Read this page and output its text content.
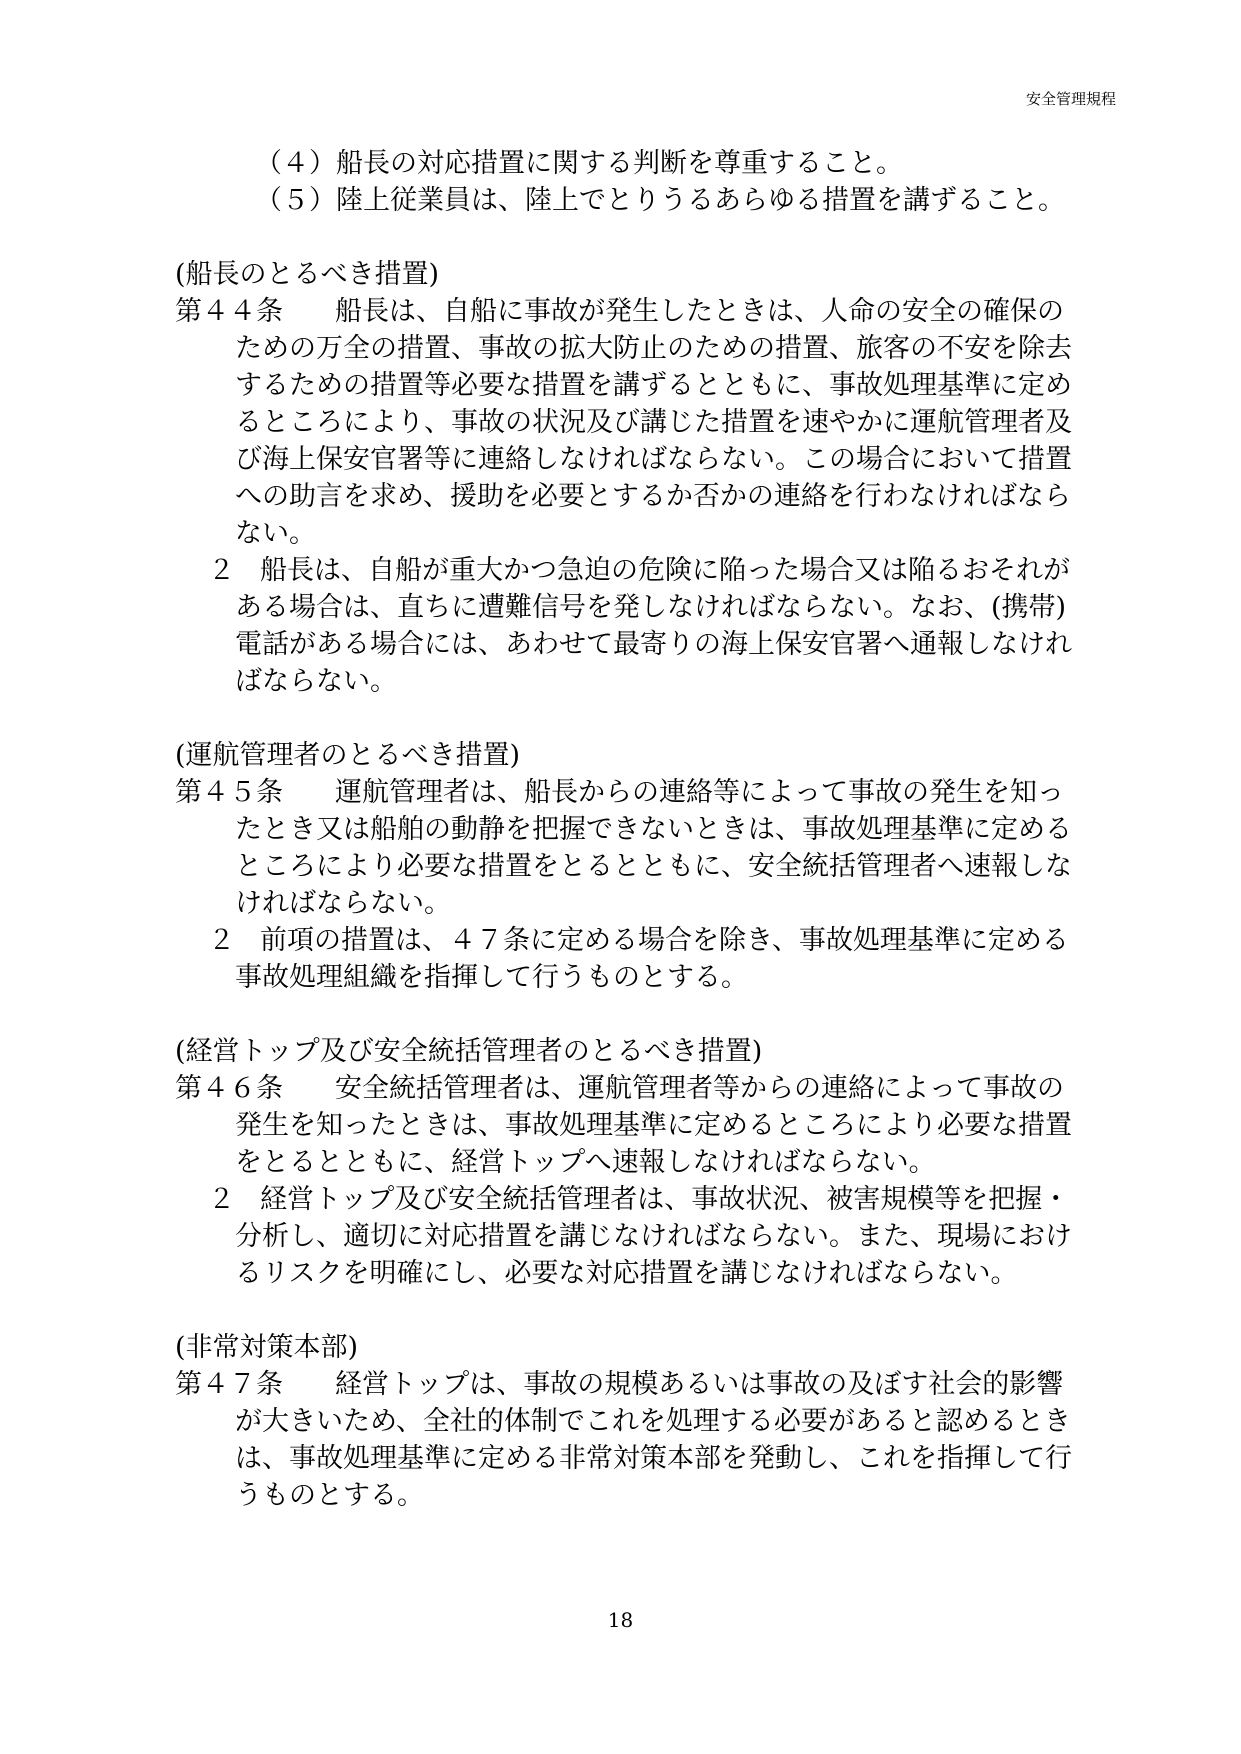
安全管理規程
（４）船長の対応措置に関する判断を尊重すること。
（５）陸上従業員は、陸上でとりうるあらゆる措置を講ずること。
(船長のとるべき措置)
第４４条 船長は、自船に事故が発生したときは、人命の安全の確保の
ための万全の措置、事故の拡大防止のための措置、旅客の不安を除去
するための措置等必要な措置を講ずるとともに、事故処理基準に定め
るところにより、事故の状況及び講じた措置を速やかに運航管理者及
び海上保安官署等に連絡しなければならない。この場合において措置
への助言を求め、援助を必要とするか否かの連絡を行わなければなら
ない。
２ 船長は、自船が重大かつ急迫の危険に陥った場合又は陥るおそれが
ある場合は、直ちに遭難信号を発しなければならない。なお、(携帯)
電話がある場合には、あわせて最寄りの海上保安官署へ通報しなけれ
ばならない。
(運航管理者のとるべき措置)
第４５条 運航管理者は、船長からの連絡等によって事故の発生を知っ
たとき又は船舶の動静を把握できないときは、事故処理基準に定める
ところにより必要な措置をとるとともに、安全統括管理者へ速報しな
ければならない。
２ 前項の措置は、４７条に定める場合を除き、事故処理基準に定める
事故処理組織を指揮して行うものとする。
(経営トップ及び安全統括管理者のとるべき措置)
第４６条 安全統括管理者は、運航管理者等からの連絡によって事故の
発生を知ったときは、事故処理基準に定めるところにより必要な措置
をとるとともに、経営トップへ速報しなければならない。
２ 経営トップ及び安全統括管理者は、事故状況、被害規模等を把握・
分析し、適切に対応措置を講じなければならない。また、現場におけ
るリスクを明確にし、必要な対応措置を講じなければならない。
(非常対策本部)
第４７条 経営トップは、事故の規模あるいは事故の及ぼす社会的影響
が大きいため、全社的体制でこれを処理する必要があると認めるとき
は、事故処理基準に定める非常対策本部を発動し、これを指揮して行
うものとする。
18
